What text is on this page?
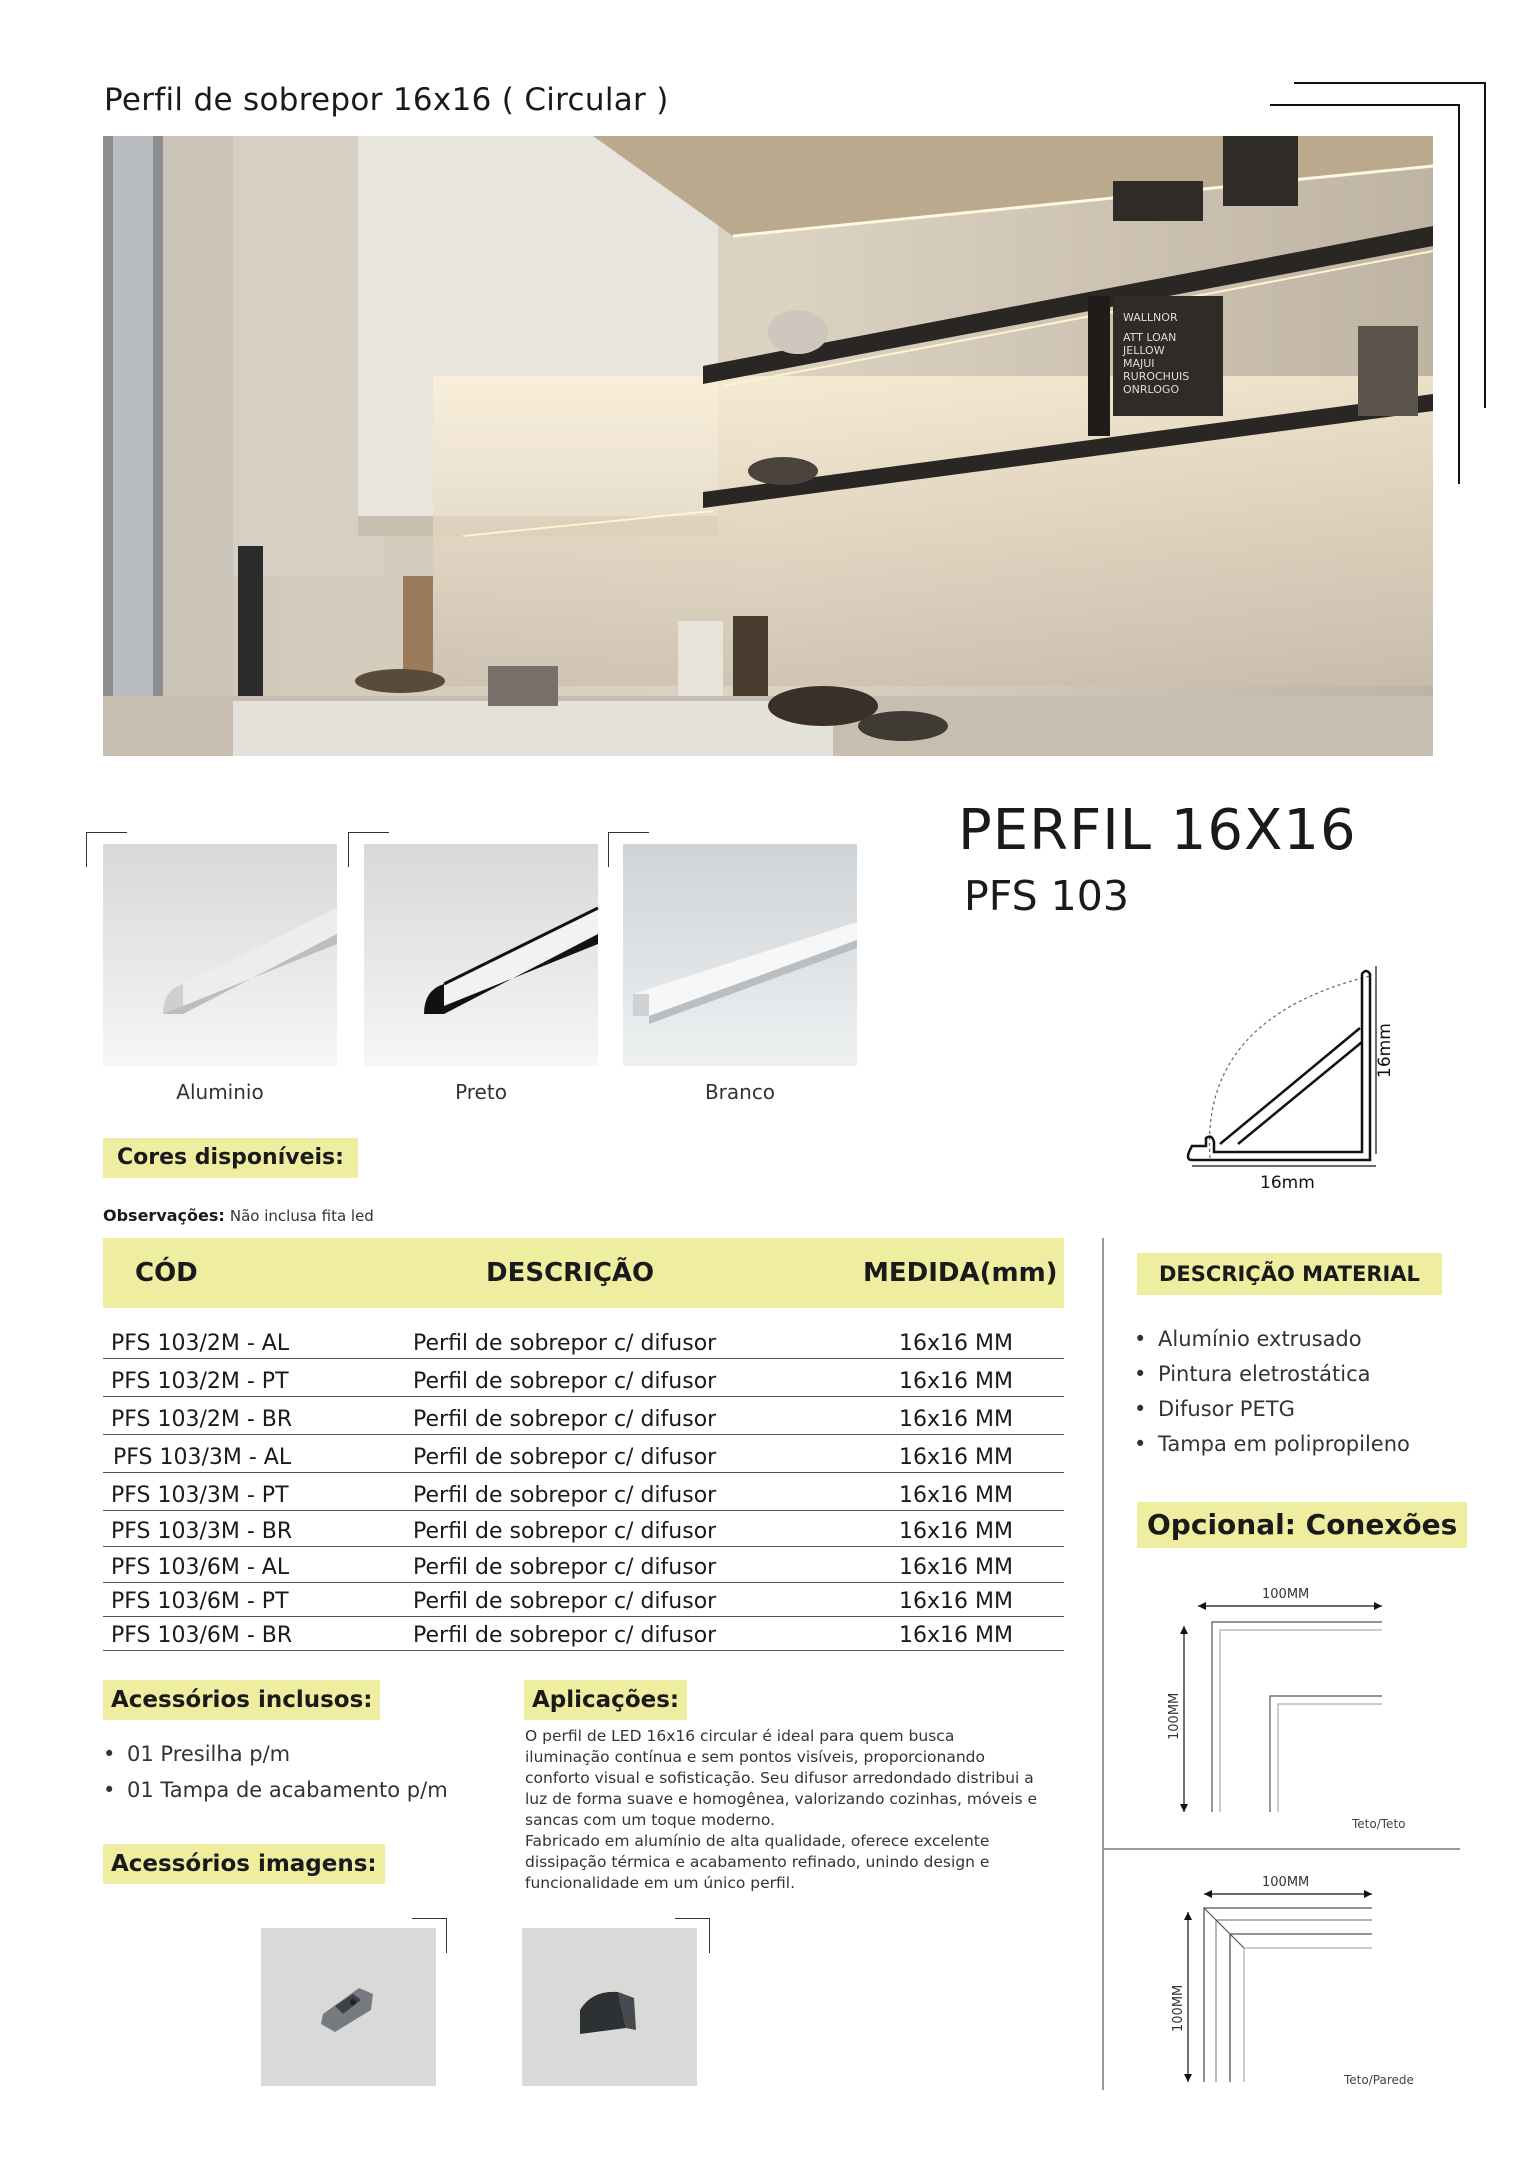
Perfil de sobrepor 16x16 ( Circular )
WALLNOR
ATT LOAN
JELLOW
MAJUI
RUROCHUIS
ONRLOGO
PERFIL 16X16
PFS 103
Aluminio	Preto	Branco
Cores disponíveis:
16mm
16mm
Observações: Não inclusa fita led
CÓD	DESCRIÇÃO	MEDIDA(mm)
PFS 103/2M - AL	Perfil de sobrepor c/ difusor	16x16 MM
PFS 103/2M - PT	Perfil de sobrepor c/ difusor	16x16 MM
PFS 103/2M - BR	Perfil de sobrepor c/ difusor	16x16 MM
PFS 103/3M - AL	Perfil de sobrepor c/ difusor	16x16 MM
PFS 103/3M - PT	Perfil de sobrepor c/ difusor	16x16 MM
PFS 103/3M - BR	Perfil de sobrepor c/ difusor	16x16 MM
PFS 103/6M - AL	Perfil de sobrepor c/ difusor	16x16 MM
PFS 103/6M - PT	Perfil de sobrepor c/ difusor	16x16 MM
PFS 103/6M - BR	Perfil de sobrepor c/ difusor	16x16 MM
DESCRIÇÃO MATERIAL
• Alumínio extrusado
• Pintura eletrostática
• Difusor PETG
• Tampa em polipropileno
Opcional: Conexões
100MM
100MM
Teto/Teto
100MM
100MM
Teto/Parede
Acessórios inclusos:
• 01 Presilha p/m
• 01 Tampa de acabamento p/m
Acessórios imagens:
Aplicações:
O perfil de LED 16x16 circular é ideal para quem busca iluminação contínua e sem pontos visíveis, proporcionando conforto visual e sofisticação. Seu difusor arredondado distribui a luz de forma suave e homogênea, valorizando cozinhas, móveis e sancas com um toque moderno.
Fabricado em alumínio de alta qualidade, oferece excelente dissipação térmica e acabamento refinado, unindo design e funcionalidade em um único perfil.
